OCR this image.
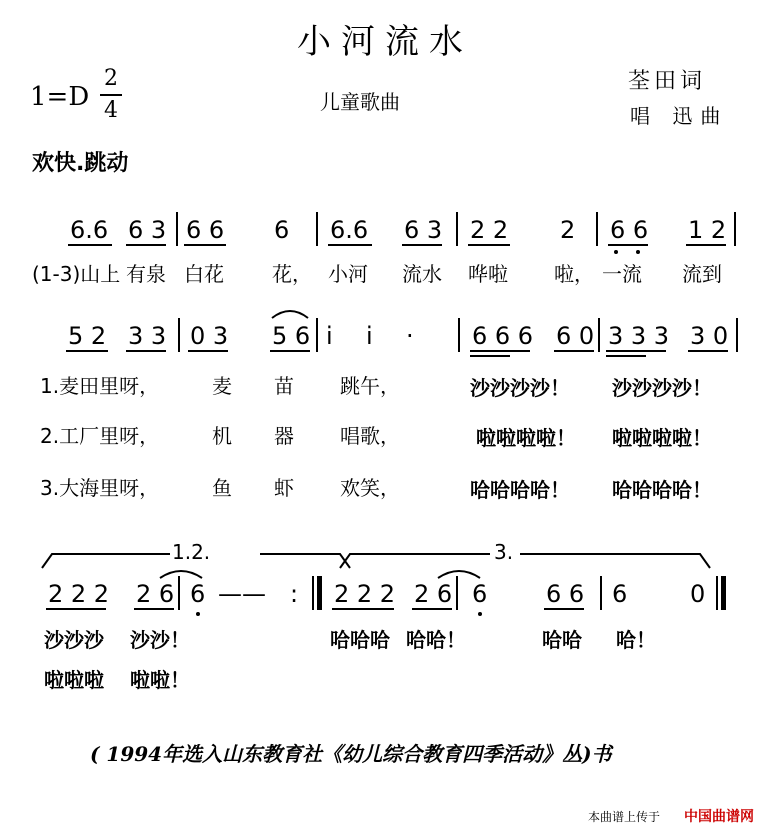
小河流水
1=D
2
4	儿童歌曲
荃田词
唱 迅曲
欢快.跳动
6.6 6 3 6 6 6 6.6 6 3 2 2 2 6 6 1 2
(1-3)山上 有泉 白花 花， 小河 流水 哗啦 啦， 一流 流到
5 2 3 3 0 3 5 6 i i · 6 6 6 6 0 3 3 3 3 0
1.麦田里呀，	麦 苗 跳午，	沙沙沙沙！ 沙沙沙沙！
2.工厂里呀，	机 器 唱歌，	啦啦啦啦！ 啦啦啦啦！
3.大海里呀，	鱼 虾 欢笑，	哈哈哈哈！ 哈哈哈哈！
1.2.	3.
2 2 2 2 6 6 —— : 2 2 2 2 6 6 6 6 6	0
沙沙沙 沙沙！	哈哈哈 哈哈！	哈哈 哈！
啦啦啦 啦啦！
( 1994年选入山东教育社《幼儿综合教育四季活动》丛)书
本曲谱上传于 中国曲谱网
